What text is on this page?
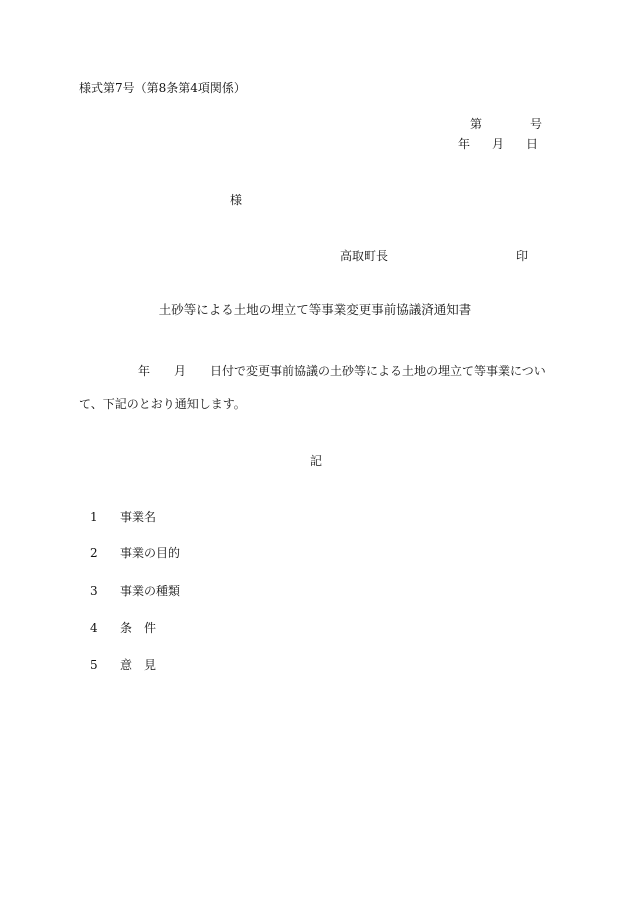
様式第7号（第8条第4項関係）
第	号
年 月 日
様
高取町長	印
土砂等による土地の埋立て等事業変更事前協議済通知書
年 月 日付で変更事前協議の土砂等による土地の埋立て等事業につい
て、下記のとおり通知します。
記
1 事業名
2 事業の目的
3 事業の種類
4 条　件
5 意　見
